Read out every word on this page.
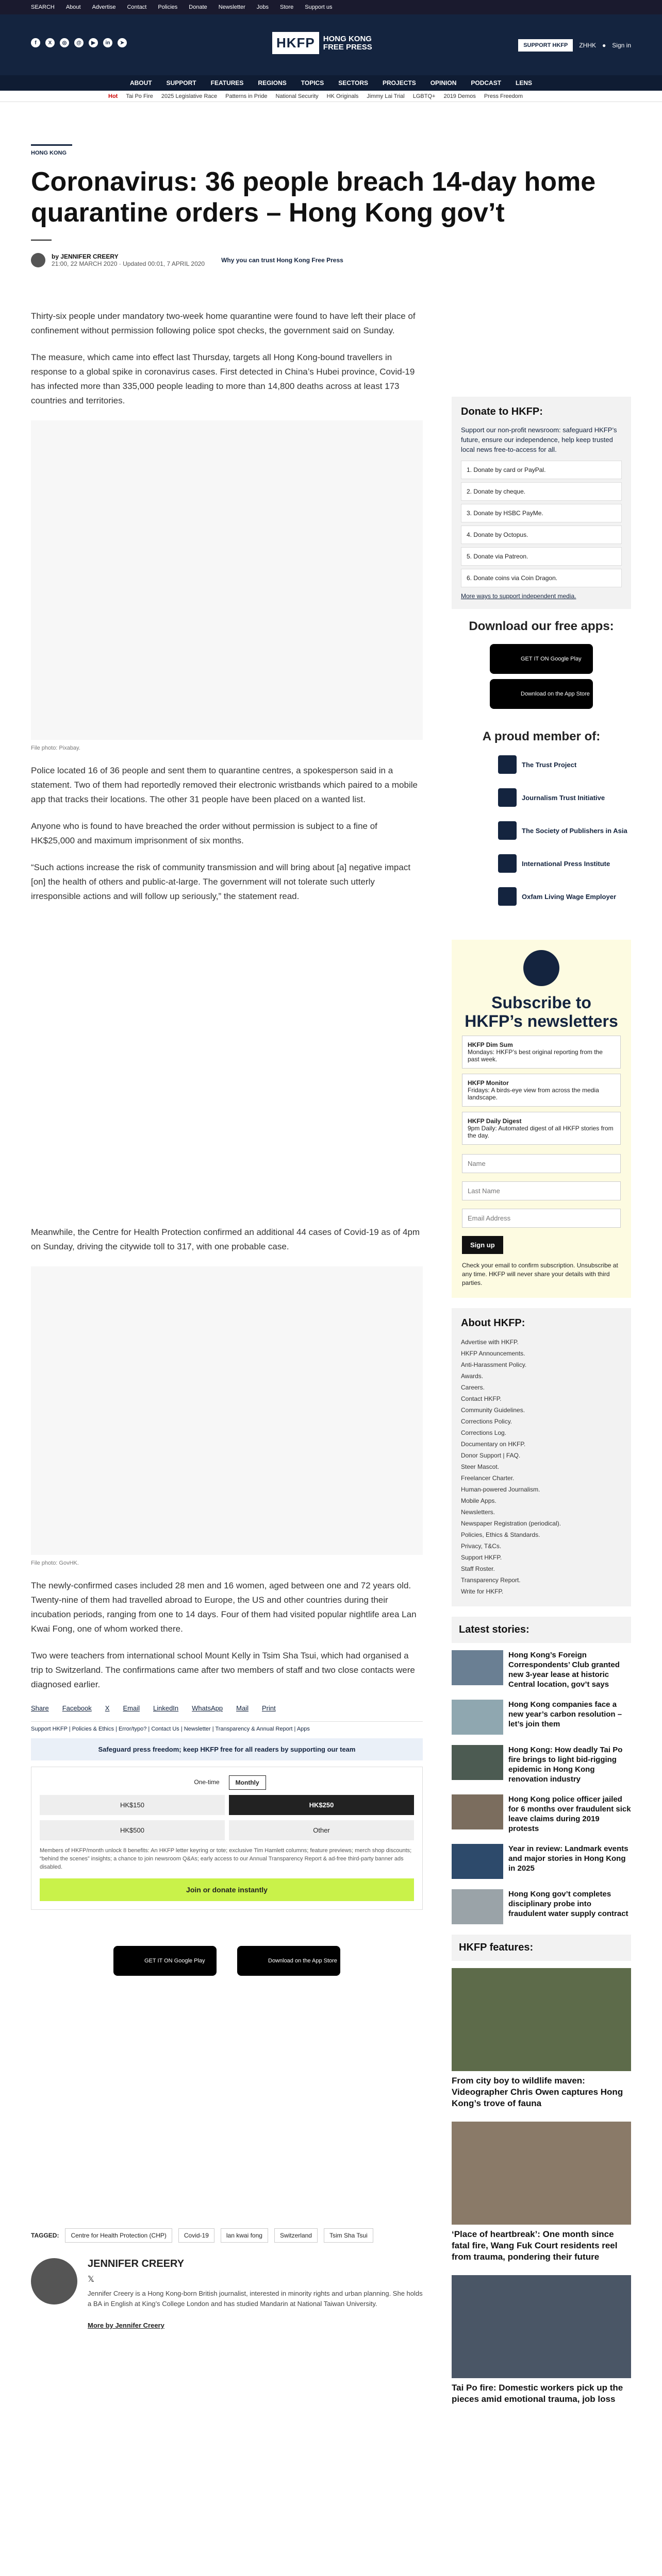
SEARCH About Advertise Contact Policies Donate Newsletter Jobs Store Support us
f	X	◎	@	▶	in	➤	HKFP	HONG KONG FREE PRESS	SUPPORT HKFP	ZHHK ● Sign in
ABOUT SUPPORT FEATURES REGIONS TOPICS SECTORS PROJECTS OPINION PODCAST LENS
Hot Tai Po Fire 2025 Legislative Race Patterns in Pride National Security HK Originals Jimmy Lai Trial LGBTQ+ 2019 Demos Press Freedom
HONG KONG
Coronavirus: 36 people breach 14-day home quarantine orders – Hong Kong gov’t
by JENNIFER CREERY
21:00, 22 MARCH 2020 · Updated 00:01, 7 APRIL 2020	Why you can trust Hong Kong Free Press

Thirty-six people under mandatory two-week home quarantine were found to have left their place of confinement without permission following police spot checks, the government said on Sunday.

The measure, which came into effect last Thursday, targets all Hong Kong-bound travellers in response to a global spike in coronavirus cases. First detected in China’s Hubei province, Covid-19 has infected more than 335,000 people leading to more than 14,800 deaths across at least 173 countries and territories.

File photo: Pixabay.

Police located 16 of 36 people and sent them to quarantine centres, a spokesperson said in a statement. Two of them had reportedly removed their electronic wristbands which paired to a mobile app that tracks their locations. The other 31 people have been placed on a wanted list.

Anyone who is found to have breached the order without permission is subject to a fine of HK$25,000 and maximum imprisonment of six months.

“Such actions increase the risk of community transmission and will bring about [a] negative impact [on] the health of others and public-at-large. The government will not tolerate such utterly irresponsible actions and will follow up seriously,” the statement read.

Meanwhile, the Centre for Health Protection confirmed an additional 44 cases of Covid-19 as of 4pm on Sunday, driving the citywide toll to 317, with one probable case.

File photo: GovHK.

The newly-confirmed cases included 28 men and 16 women, aged between one and 72 years old. Twenty-nine of them had travelled abroad to Europe, the US and other countries during their incubation periods, ranging from one to 14 days. Four of them had visited popular nightlife area Lan Kwai Fong, one of whom worked there.

Two were teachers from international school Mount Kelly in Tsim Sha Tsui, which had organised a trip to Switzerland. The confirmations came after two members of staff and two close contacts were diagnosed earlier.

Share Facebook X Email LinkedIn WhatsApp Mail Print
Support HKFP | Policies & Ethics | Error/typo? | Contact Us | Newsletter | Transparency & Annual Report | Apps
Safeguard press freedom; keep HKFP free for all readers by supporting our team
One-time	Monthly
HK$150	HK$250
HK$500	Other

Members of HKFP/month unlock 8 benefits: An HKFP letter keyring or tote; exclusive Tim Hamlett columns; feature previews; merch shop discounts; “behind the scenes” insights; a chance to join newsroom Q&As; early access to our Annual Transparency Report & ad-free third-party banner ads disabled.

Join or donate instantly
GET IT ON Google Play	Download on the App Store
TAGGED:	Centre for Health Protection (CHP)	Covid-19	lan kwai fong	Switzerland	Tsim Sha Tsui
JENNIFER CREERY
𝕏

Jennifer Creery is a Hong Kong-born British journalist, interested in minority rights and urban planning. She holds a BA in English at King’s College London and has studied Mandarin at National Taiwan University.

More by Jennifer Creery
Donate to HKFP:

Support our non-profit newsroom: safeguard HKFP’s future, ensure our independence, help keep trusted local news free-to-access for all.

1. Donate by card or PayPal.
2. Donate by cheque.
3. Donate by HSBC PayMe.
4. Donate by Octopus.
5. Donate via Patreon.
6. Donate coins via Coin Dragon.

More ways to support independent media.

Download our free apps:
GET IT ON Google Play
Download on the App Store
A proud member of:
The Trust Project
Journalism Trust Initiative
The Society of Publishers in Asia
International Press Institute
Oxfam Living Wage Employer
Subscribe to HKFP’s newsletters
HKFP Dim Sum
Mondays: HKFP’s best original reporting from the past week.
HKFP Monitor
Fridays: A birds-eye view from across the media landscape.
HKFP Daily Digest
9pm Daily: Automated digest of all HKFP stories from the day.
Name Last Name Email Address Sign up

Check your email to confirm subscription. Unsubscribe at any time. HKFP will never share your details with third parties.

About HKFP:
Advertise with HKFP.
HKFP Announcements.
Anti-Harassment Policy.
Awards.
Careers.
Contact HKFP.
Community Guidelines.
Corrections Policy.
Corrections Log.
Documentary on HKFP.
Donor Support | FAQ.
Steer Mascot.
Freelancer Charter.
Human-powered Journalism.
Mobile Apps.
Newsletters.
Newspaper Registration (periodical).
Policies, Ethics & Standards.
Privacy, T&Cs.
Support HKFP.
Staff Roster.
Transparency Report.
Write for HKFP.
Latest stories:
Hong Kong’s Foreign Correspondents’ Club granted new 3-year lease at historic Central location, gov’t says
Hong Kong companies face a new year’s carbon resolution – let’s join them
Hong Kong: How deadly Tai Po fire brings to light bid-rigging epidemic in Hong Kong renovation industry
Hong Kong police officer jailed for 6 months over fraudulent sick leave claims during 2019 protests
Year in review: Landmark events and major stories in Hong Kong in 2025
Hong Kong gov’t completes disciplinary probe into fraudulent water supply contract
HKFP features:
From city boy to wildlife maven: Videographer Chris Owen captures Hong Kong’s trove of fauna
‘Place of heartbreak’: One month since fatal fire, Wang Fuk Court residents reel from trauma, pondering their future
Tai Po fire: Domestic workers pick up the pieces amid emotional trauma, job loss
